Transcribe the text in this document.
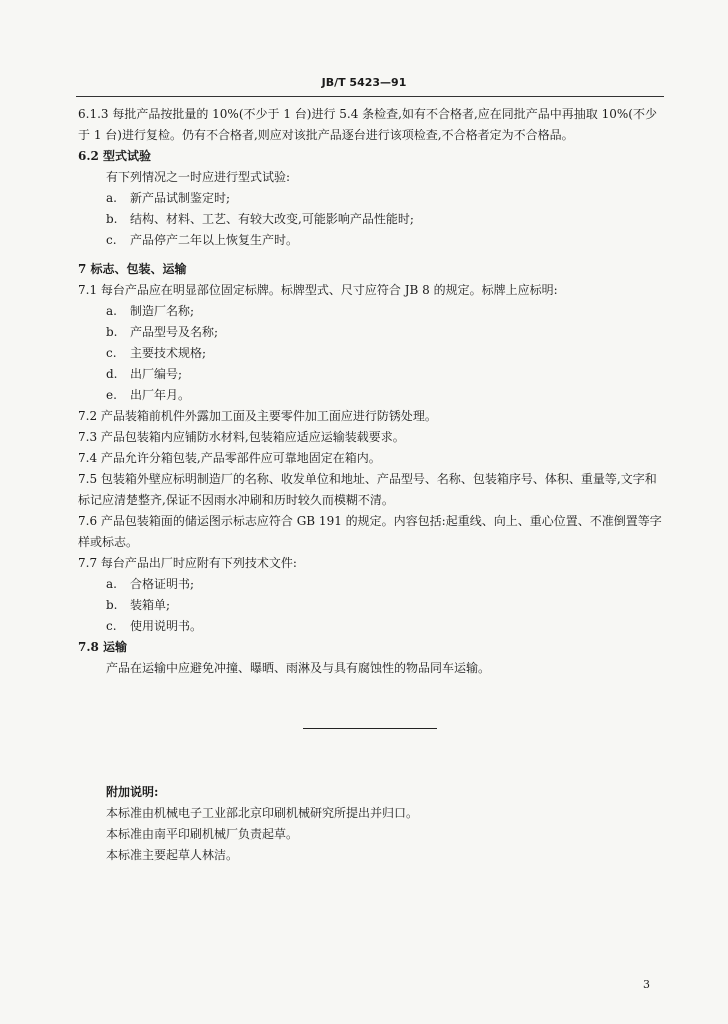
JB/T 5423—91
6.1.3 每批产品按批量的 10%(不少于 1 台)进行 5.4 条检查,如有不合格者,应在同批产品中再抽取 10%(不少于 1 台)进行复检。仍有不合格者,则应对该批产品逐台进行该项检查,不合格者定为不合格品。
6.2 型式试验
有下列情况之一时应进行型式试验:
a. 新产品试制鉴定时;
b. 结构、材料、工艺、有较大改变,可能影响产品性能时;
c. 产品停产二年以上恢复生产时。
7 标志、包装、运输
7.1 每台产品应在明显部位固定标牌。标牌型式、尺寸应符合 JB 8 的规定。标牌上应标明:
a. 制造厂名称;
b. 产品型号及名称;
c. 主要技术规格;
d. 出厂编号;
e. 出厂年月。
7.2 产品装箱前机件外露加工面及主要零件加工面应进行防锈处理。
7.3 产品包装箱内应铺防水材料,包装箱应适应运输装载要求。
7.4 产品允许分箱包装,产品零部件应可靠地固定在箱内。
7.5 包装箱外壁应标明制造厂的名称、收发单位和地址、产品型号、名称、包装箱序号、体积、重量等,文字和标记应清楚整齐,保证不因雨水冲刷和历时较久而模糊不清。
7.6 产品包装箱面的储运图示标志应符合 GB 191 的规定。内容包括:起重线、向上、重心位置、不准倒置等字样或标志。
7.7 每台产品出厂时应附有下列技术文件:
a. 合格证明书;
b. 装箱单;
c. 使用说明书。
7.8 运输
产品在运输中应避免冲撞、曝晒、雨淋及与具有腐蚀性的物品同车运输。
附加说明:
本标准由机械电子工业部北京印刷机械研究所提出并归口。
本标准由南平印刷机械厂负责起草。
本标准主要起草人林洁。
3
